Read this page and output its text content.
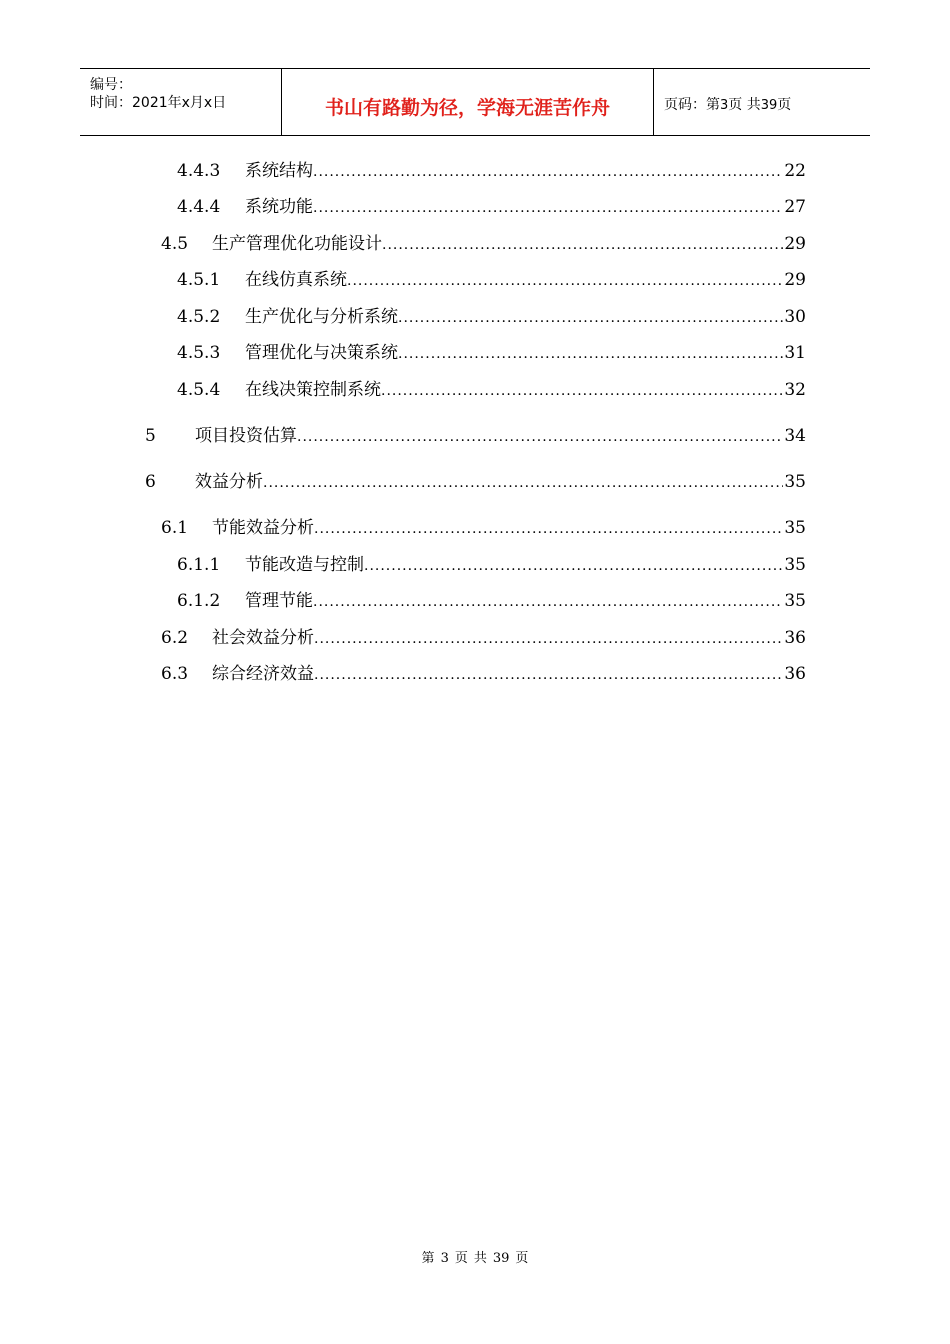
编号：
时间：2021年x月x日	书山有路勤为径，学海无涯苦作舟	页码：第3页 共39页
4.4.3 系统结构 .....	22
4.4.4 系统功能 .....	27
4.5 生产管理优化功能设计 .....	29
4.5.1 在线仿真系统 .....	29
4.5.2 生产优化与分析系统 .....	30
4.5.3 管理优化与决策系统 .....	31
4.5.4 在线决策控制系统 .....	32
5 项目投资估算 .....	34
6 效益分析 .....	35
6.1 节能效益分析 .....	35
6.1.1 节能改造与控制 .....	35
6.1.2 管理节能 .....	35
6.2 社会效益分析 .....	36
6.3 综合经济效益 .....	36
第 3 页 共 39 页
